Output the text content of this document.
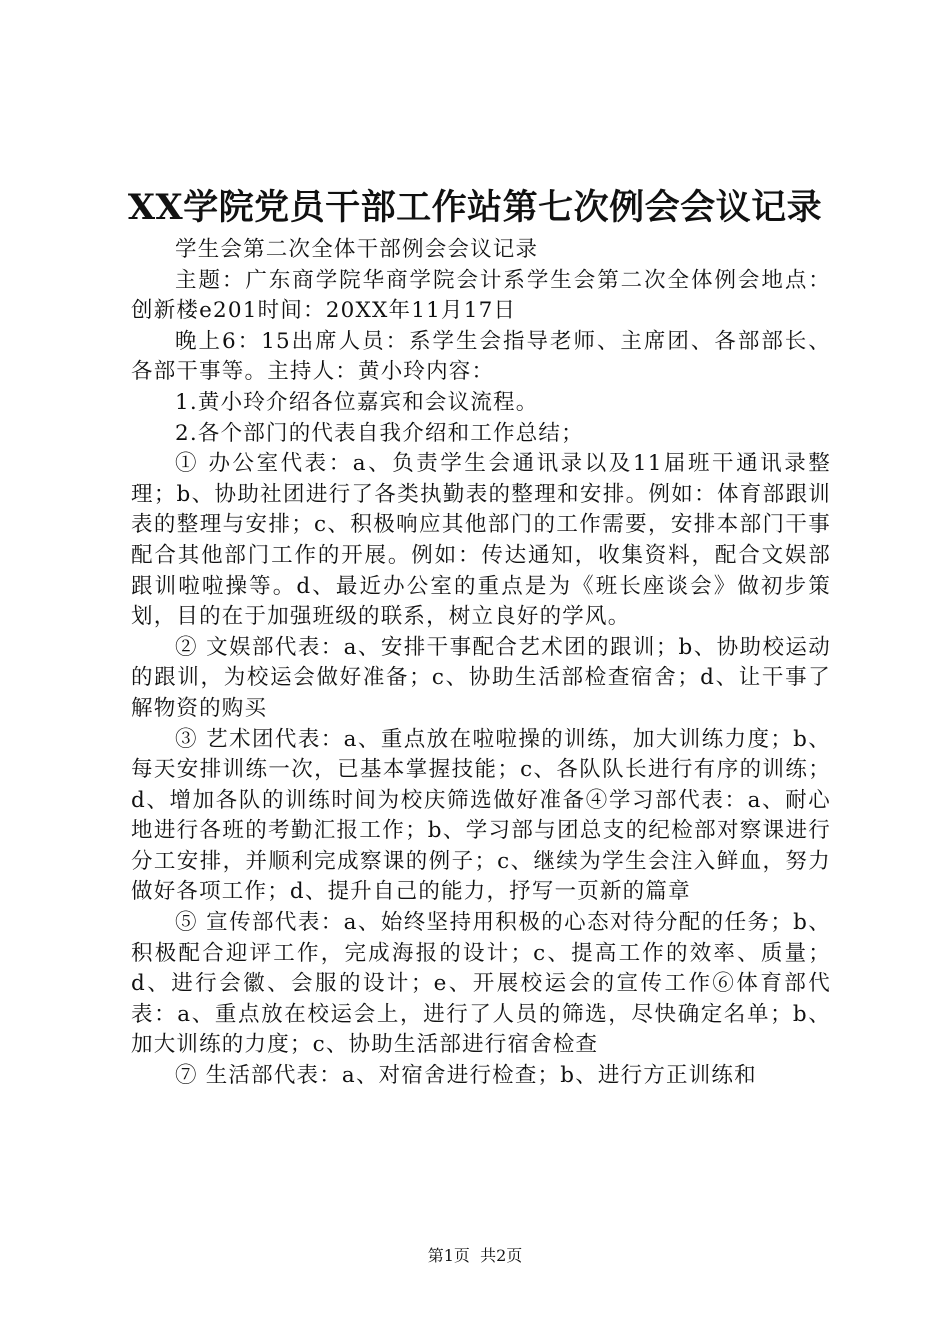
XX学院党员干部工作站第七次例会会议记录

学生会第二次全体干部例会会议记录

主题：广东商学院华商学院会计系学生会第二次全体例会地点：创新楼e201时间：20XX年11月17日

晚上6：15出席人员：系学生会指导老师、主席团、各部部长、各部干事等。主持人：黄小玲内容：

1.黄小玲介绍各位嘉宾和会议流程。

2.各个部门的代表自我介绍和工作总结；

① 办公室代表：a、负责学生会通讯录以及11届班干通讯录整理；b、协助社团进行了各类执勤表的整理和安排。例如：体育部跟训表的整理与安排；c、积极响应其他部门的工作需要，安排本部门干事配合其他部门工作的开展。例如：传达通知，收集资料，配合文娱部跟训啦啦操等。d、最近办公室的重点是为《班长座谈会》做初步策划，目的在于加强班级的联系，树立良好的学风。

② 文娱部代表：a、安排干事配合艺术团的跟训；b、协助校运动的跟训，为校运会做好准备；c、协助生活部检查宿舍；d、让干事了解物资的购买

③ 艺术团代表：a、重点放在啦啦操的训练，加大训练力度；b、每天安排训练一次，已基本掌握技能；c、各队队长进行有序的训练；d、增加各队的训练时间为校庆筛选做好准备④学习部代表：a、耐心地进行各班的考勤汇报工作；b、学习部与团总支的纪检部对察课进行分工安排，并顺利完成察课的例子；c、继续为学生会注入鲜血，努力做好各项工作；d、提升自己的能力，抒写一页新的篇章

⑤ 宣传部代表：a、始终坚持用积极的心态对待分配的任务；b、积极配合迎评工作，完成海报的设计；c、提高工作的效率、质量；d、进行会徽、会服的设计；e、开展校运会的宣传工作⑥体育部代表：a、重点放在校运会上，进行了人员的筛选，尽快确定名单；b、加大训练的力度；c、协助生活部进行宿舍检查

⑦ 生活部代表：a、对宿舍进行检查；b、进行方正训练和

第1页  共2页
